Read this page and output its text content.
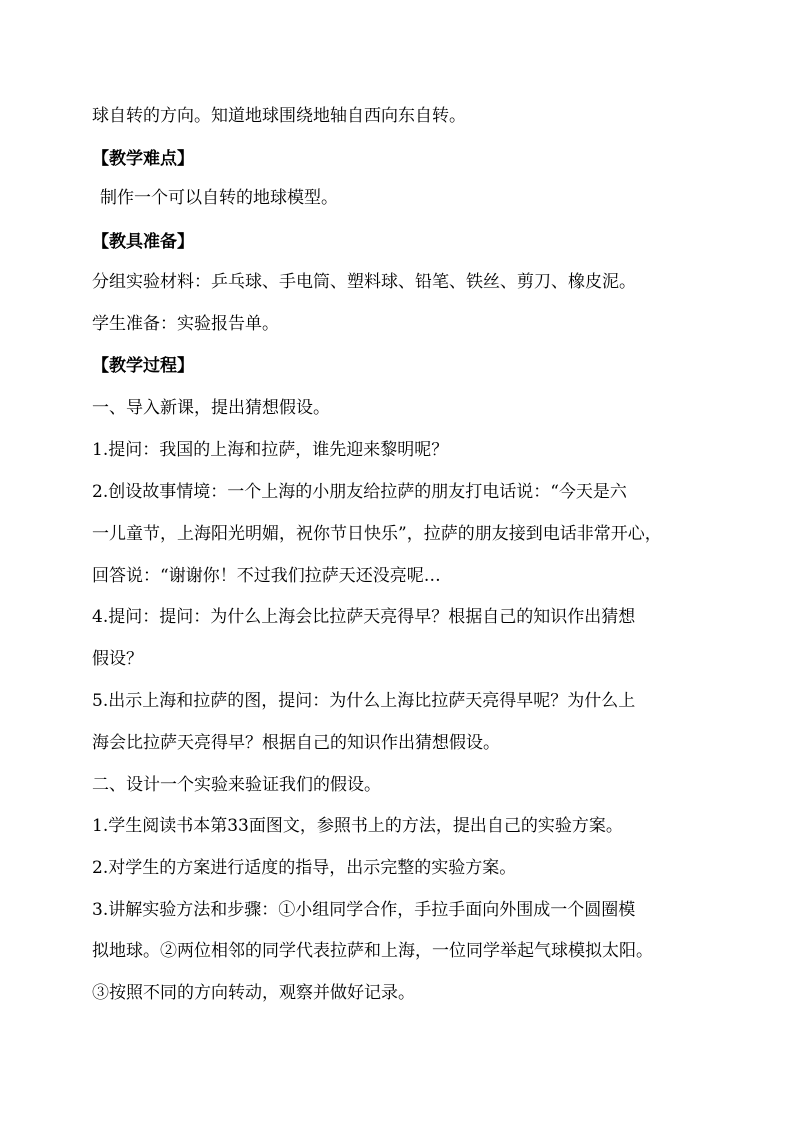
球自转的方向。知道地球围绕地轴自西向东自转。
【教学难点】
制作一个可以自转的地球模型。
【教具准备】
分组实验材料：乒乓球、手电筒、塑料球、铅笔、铁丝、剪刀、橡皮泥。
学生准备：实验报告单。
【教学过程】
一、导入新课，提出猜想假设。
1.提问：我国的上海和拉萨，谁先迎来黎明呢？
2.创设故事情境：一个上海的小朋友给拉萨的朋友打电话说：“今天是六
一儿童节，上海阳光明媚，祝你节日快乐”，拉萨的朋友接到电话非常开心，
回答说：“谢谢你！不过我们拉萨天还没亮呢…
4.提问：提问：为什么上海会比拉萨天亮得早？根据自己的知识作出猜想
假设？
5.出示上海和拉萨的图，提问：为什么上海比拉萨天亮得早呢？为什么上
海会比拉萨天亮得早？根据自己的知识作出猜想假设。
二、设计一个实验来验证我们的假设。
1.学生阅读书本第33面图文，参照书上的方法，提出自己的实验方案。
2.对学生的方案进行适度的指导，出示完整的实验方案。
3.讲解实验方法和步骤：①小组同学合作，手拉手面向外围成一个圆圈模
拟地球。②两位相邻的同学代表拉萨和上海，一位同学举起气球模拟太阳。
③按照不同的方向转动，观察并做好记录。
